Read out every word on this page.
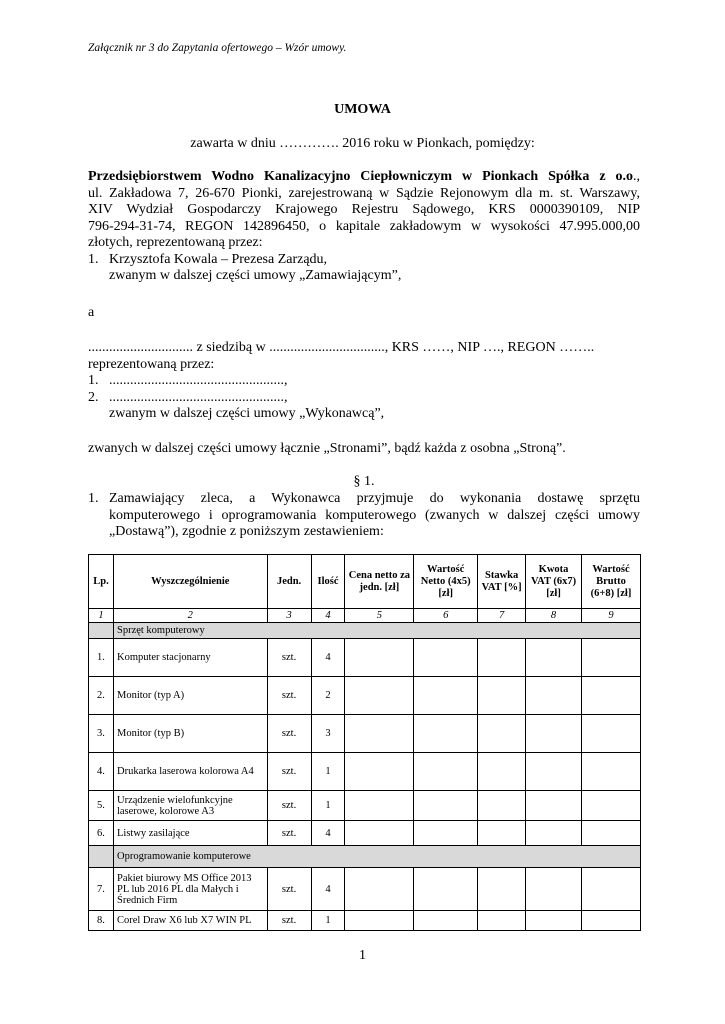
Załącznik nr 3 do Zapytania ofertowego – Wzór umowy.
UMOWA
zawarta w dniu …………. 2016 roku w Pionkach, pomiędzy:
Przedsiębiorstwem Wodno Kanalizacyjno Ciepłowniczym w Pionkach Spółka z o.o.,
ul. Zakładowa 7, 26-670 Pionki, zarejestrowaną w Sądzie Rejonowym dla m. st. Warszawy,
XIV Wydział Gospodarczy Krajowego Rejestru Sądowego, KRS 0000390109, NIP
796-294-31-74, REGON 142896450, o kapitale zakładowym w wysokości 47.995.000,00
złotych, reprezentowaną przez:
1. Krzysztofa Kowala – Prezesa Zarządu,
zwanym w dalszej części umowy „Zamawiającym”,
a
.............................. z siedzibą w ................................., KRS ……, NIP …., REGON ……..
reprezentowaną przez:
1. ..................................................,
2. ..................................................,
zwanym w dalszej części umowy „Wykonawcą”,
zwanych w dalszej części umowy łącznie „Stronami”, bądź każda z osobna „Stroną”.
§ 1.
1. Zamawiający zleca, a Wykonawca przyjmuje do wykonania dostawę sprzętu
komputerowego i oprogramowania komputerowego (zwanych w dalszej części umowy
„Dostawą”), zgodnie z poniższym zestawieniem:
Lp.	Wyszczególnienie	Jedn.	Ilość	Cena netto za jedn. [zł]	Wartość Netto (4x5) [zł]	Stawka VAT [%]	Kwota VAT (6x7) [zł]	Wartość Brutto (6+8) [zł]
1	2	3	4	5	6	7	8	9
	Sprzęt komputerowy							
1.	Komputer stacjonarny	szt.	4					
2.	Monitor (typ A)	szt.	2					
3.	Monitor (typ B)	szt.	3					
4.	Drukarka laserowa kolorowa A4	szt.	1					
5.	Urządzenie wielofunkcyjne laserowe, kolorowe A3	szt.	1					
6.	Listwy zasilające	szt.	4					
	Oprogramowanie komputerowe							
7.	Pakiet biurowy MS Office 2013 PL lub 2016 PL dla Małych i Średnich Firm	szt.	4					
8.	Corel Draw X6 lub X7 WIN PL	szt.	1					
1
